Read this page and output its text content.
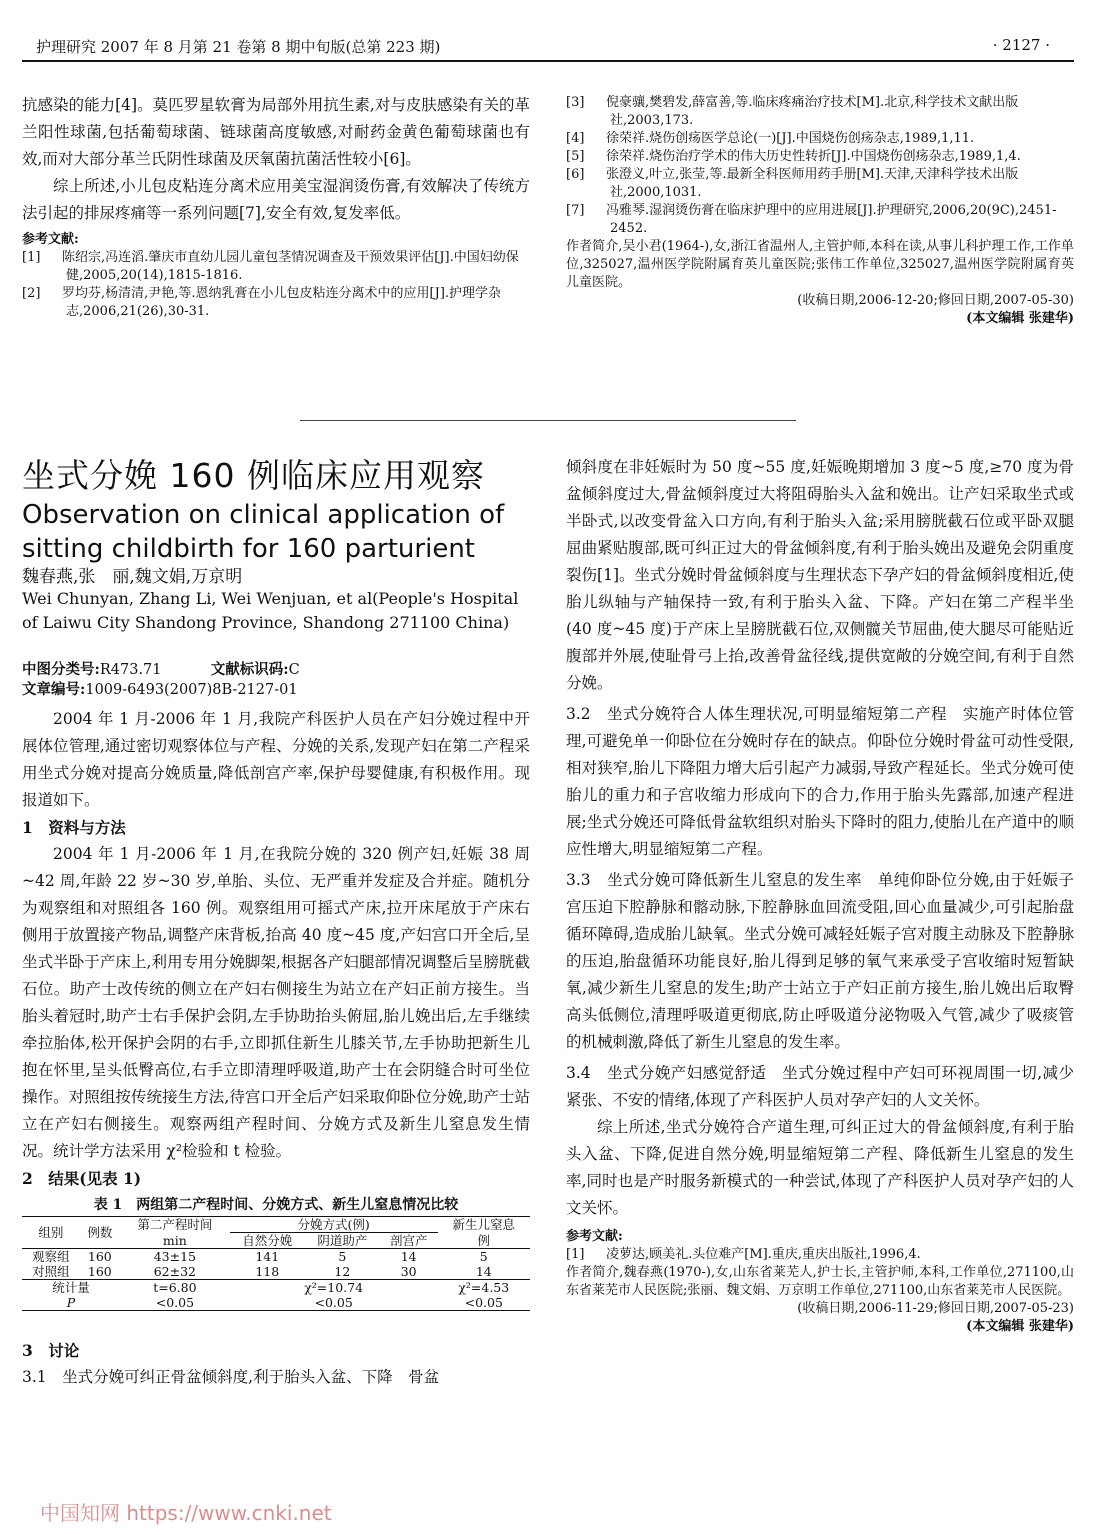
护理研究 2007 年 8 月第 21 卷第 8 期中旬版(总第 223 期)	· 2127 ·

抗感染的能力[4]。莫匹罗星软膏为局部外用抗生素,对与皮肤感染有关的革兰阳性球菌,包括葡萄球菌、链球菌高度敏感,对耐药金黄色葡萄球菌也有效,而对大部分革兰氏阴性球菌及厌氧菌抗菌活性较小[6]。

综上所述,小儿包皮粘连分离术应用美宝湿润烫伤膏,有效解决了传统方法引起的排尿疼痛等一系列问题[7],安全有效,复发率低。

参考文献:

[1] 陈绍宗,冯连滔.肇庆市直幼儿园儿童包茎情况调查及干预效果评估[J].中国妇幼保健,2005,20(14),1815-1816.

[2] 罗均芬,杨清清,尹艳,等.恩纳乳膏在小儿包皮粘连分离术中的应用[J].护理学杂志,2006,21(26),30-31.

[3] 倪豪骧,樊碧发,薛富善,等.临床疼痛治疗技术[M].北京,科学技术文献出版社,2003,173.

[4] 徐荣祥.烧伤创疡医学总论(一)[J].中国烧伤创疡杂志,1989,1,11.

[5] 徐荣祥.烧伤治疗学术的伟大历史性转折[J].中国烧伤创疡杂志,1989,1,4.

[6] 张澄义,叶立,张莹,等.最新全科医师用药手册[M].天津,天津科学技术出版社,2000,1031.

[7] 冯雅琴.湿润烫伤膏在临床护理中的应用进展[J].护理研究,2006,20(9C),2451-2452.

作者简介,吴小君(1964-),女,浙江省温州人,主管护师,本科在读,从事儿科护理工作,工作单位,325027,温州医学院附属育英儿童医院;张伟工作单位,325027,温州医学院附属育英儿童医院。

(收稿日期,2006-12-20;修回日期,2007-05-30)

(本文编辑 张建华)

坐式分娩 160 例临床应用观察
Observation on clinical application of sitting childbirth for 160 parturient
魏春燕,张　丽,魏文娟,万京明
Wei Chunyan, Zhang Li, Wei Wenjuan, et al(People's Hospital of Laiwu City Shandong Province, Shandong 271100 China)
中图分类号:R473.71	文献标识码:C
文章编号:1009-6493(2007)8B-2127-01

2004 年 1 月-2006 年 1 月,我院产科医护人员在产妇分娩过程中开展体位管理,通过密切观察体位与产程、分娩的关系,发现产妇在第二产程采用坐式分娩对提高分娩质量,降低剖宫产率,保护母婴健康,有积极作用。现报道如下。

1　资料与方法

2004 年 1 月-2006 年 1 月,在我院分娩的 320 例产妇,妊娠 38 周~42 周,年龄 22 岁~30 岁,单胎、头位、无严重并发症及合并症。随机分为观察组和对照组各 160 例。观察组用可摇式产床,拉开床尾放于产床右侧用于放置接产物品,调整产床背板,抬高 40 度~45 度,产妇宫口开全后,呈坐式半卧于产床上,利用专用分娩脚架,根据各产妇腿部情况调整后呈膀胱截石位。助产士改传统的侧立在产妇右侧接生为站立在产妇正前方接生。当胎头着冠时,助产士右手保护会阴,左手协助抬头俯屈,胎儿娩出后,左手继续牵拉胎体,松开保护会阴的右手,立即抓住新生儿膝关节,左手协助把新生儿抱在怀里,呈头低臀高位,右手立即清理呼吸道,助产士在会阴缝合时可坐位操作。对照组按传统接生方法,待宫口开全后产妇采取仰卧位分娩,助产士站立在产妇右侧接生。观察两组产程时间、分娩方式及新生儿窒息发生情况。统计学方法采用 χ²检验和 t 检验。

2　结果(见表 1)

表 1　两组第二产程时间、分娩方式、新生儿窒息情况比较

组别	例数	第二产程时间	分娩方式(例)			新生儿窒息
		min	自然分娩	阴道助产	剖宫产	例
观察组	160	43±15	141	5	14	5
对照组	160	62±32	118	12	30	14
统计量		t=6.80	χ²=10.74			χ²=4.53
P		<0.05	<0.05			<0.05

3　讨论

3.1　坐式分娩可纠正骨盆倾斜度,利于胎头入盆、下降　骨盆

倾斜度在非妊娠时为 50 度~55 度,妊娠晚期增加 3 度~5 度,≥70 度为骨盆倾斜度过大,骨盆倾斜度过大将阻碍胎头入盆和娩出。让产妇采取坐式或半卧式,以改变骨盆入口方向,有利于胎头入盆;采用膀胱截石位或平卧双腿屈曲紧贴腹部,既可纠正过大的骨盆倾斜度,有利于胎头娩出及避免会阴重度裂伤[1]。坐式分娩时骨盆倾斜度与生理状态下孕产妇的骨盆倾斜度相近,使胎儿纵轴与产轴保持一致,有利于胎头入盆、下降。产妇在第二产程半坐(40 度~45 度)于产床上呈膀胱截石位,双侧髋关节屈曲,使大腿尽可能贴近腹部并外展,使耻骨弓上抬,改善骨盆径线,提供宽敞的分娩空间,有利于自然分娩。

3.2　坐式分娩符合人体生理状况,可明显缩短第二产程　实施产时体位管理,可避免单一仰卧位在分娩时存在的缺点。仰卧位分娩时骨盆可动性受限,相对狭窄,胎儿下降阻力增大后引起产力减弱,导致产程延长。坐式分娩可使胎儿的重力和子宫收缩力形成向下的合力,作用于胎头先露部,加速产程进展;坐式分娩还可降低骨盆软组织对胎头下降时的阻力,使胎儿在产道中的顺应性增大,明显缩短第二产程。

3.3　坐式分娩可降低新生儿窒息的发生率　单纯仰卧位分娩,由于妊娠子宫压迫下腔静脉和髂动脉,下腔静脉血回流受阻,回心血量减少,可引起胎盘循环障碍,造成胎儿缺氧。坐式分娩可减轻妊娠子宫对腹主动脉及下腔静脉的压迫,胎盘循环功能良好,胎儿得到足够的氧气来承受子宫收缩时短暂缺氧,减少新生儿窒息的发生;助产士站立于产妇正前方接生,胎儿娩出后取臀高头低侧位,清理呼吸道更彻底,防止呼吸道分泌物吸入气管,减少了吸痰管的机械刺激,降低了新生儿窒息的发生率。

3.4　坐式分娩产妇感觉舒适　坐式分娩过程中产妇可环视周围一切,减少紧张、不安的情绪,体现了产科医护人员对孕产妇的人文关怀。

综上所述,坐式分娩符合产道生理,可纠正过大的骨盆倾斜度,有利于胎头入盆、下降,促进自然分娩,明显缩短第二产程、降低新生儿窒息的发生率,同时也是产时服务新模式的一种尝试,体现了产科医护人员对孕产妇的人文关怀。

参考文献:

[1] 凌萝达,顾美礼.头位难产[M].重庆,重庆出版社,1996,4.

作者简介,魏春燕(1970-),女,山东省莱芜人,护士长,主管护师,本科,工作单位,271100,山东省莱芜市人民医院;张丽、魏文娟、万京明工作单位,271100,山东省莱芜市人民医院。

(收稿日期,2006-11-29;修回日期,2007-05-23)

(本文编辑 张建华)

中国知网 https://www.cnki.net
